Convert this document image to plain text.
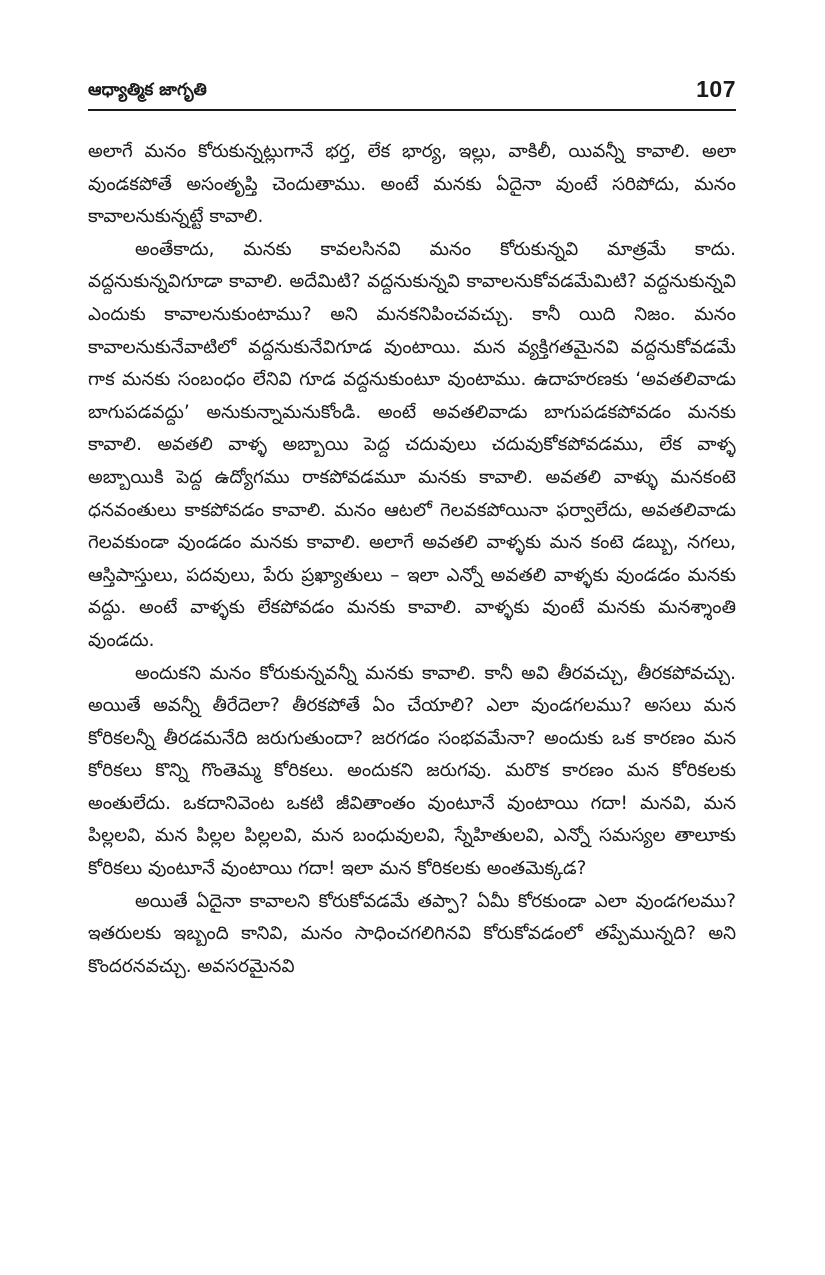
ఆధ్యాత్మిక జాగృతి	107

అలాగే మనం కోరుకున్నట్లుగానే భర్త, లేక భార్య, ఇల్లు, వాకిలీ, యివన్నీ కావాలి. అలా వుండకపోతే అసంతృప్తి చెందుతాము. అంటే మనకు ఏదైనా వుంటే సరిపోదు, మనం కావాలనుకున్నట్టే కావాలి.

అంతేకాదు, మనకు కావలసినవి మనం కోరుకున్నవి మాత్రమే కాదు. వద్దనుకున్నవిగూడా కావాలి. అదేమిటి? వద్దనుకున్నవి కావాలనుకోవడమేమిటి? వద్దనుకున్నవి ఎందుకు కావాలనుకుంటాము? అని మనకనిపించవచ్చు. కానీ యిది నిజం. మనం కావాలనుకునేవాటిలో వద్దనుకునేవిగూడ వుంటాయి. మన వ్యక్తిగతమైనవి వద్దనుకోవడమే గాక మనకు సంబంధం లేనివి గూడ వద్దనుకుంటూ వుంటాము. ఉదాహరణకు ‘అవతలివాడు బాగుపడవద్దు’ అనుకున్నామనుకోండి. అంటే అవతలివాడు బాగుపడకపోవడం మనకు కావాలి. అవతలి వాళ్ళ అబ్బాయి పెద్ద చదువులు చదువుకోకపోవడము, లేక వాళ్ళ అబ్బాయికి పెద్ద ఉద్యోగము రాకపోవడమూ మనకు కావాలి. అవతలి వాళ్ళు మనకంటె ధనవంతులు కాకపోవడం కావాలి. మనం ఆటలో గెలవకపోయినా ఫర్వాలేదు, అవతలివాడు గెలవకుండా వుండడం మనకు కావాలి. అలాగే అవతలి వాళ్ళకు మన కంటె డబ్బు, నగలు, ఆస్తిపాస్తులు, పదవులు, పేరు ప్రఖ్యాతులు – ఇలా ఎన్నో అవతలి వాళ్ళకు వుండడం మనకు వద్దు. అంటే వాళ్ళకు లేకపోవడం మనకు కావాలి. వాళ్ళకు వుంటే మనకు మనశ్శాంతి వుండదు.

అందుకని మనం కోరుకున్నవన్నీ మనకు కావాలి. కానీ అవి తీరవచ్చు, తీరకపోవచ్చు. అయితే అవన్నీ తీరేదెలా? తీరకపోతే ఏం చేయాలి? ఎలా వుండగలము? అసలు మన కోరికలన్నీ తీరడమనేది జరుగుతుందా? జరగడం సంభవమేనా? అందుకు ఒక కారణం మన కోరికలు కొన్ని గొంతెమ్మ కోరికలు. అందుకని జరుగవు. మరొక కారణం మన కోరికలకు అంతులేదు. ఒకదానివెంట ఒకటి జీవితాంతం వుంటూనే వుంటాయి గదా! మనవి, మన పిల్లలవి, మన పిల్లల పిల్లలవి, మన బంధువులవి, స్నేహితులవి, ఎన్నో సమస్యల తాలూకు కోరికలు వుంటూనే వుంటాయి గదా! ఇలా మన కోరికలకు అంతమెక్కడ?

అయితే ఏదైనా కావాలని కోరుకోవడమే తప్పా? ఏమీ కోరకుండా ఎలా వుండగలము? ఇతరులకు ఇబ్బంది కానివి, మనం సాధించగలిగినవి కోరుకోవడంలో తప్పేమున్నది? అని కొందరనవచ్చు. అవసరమైనవి
